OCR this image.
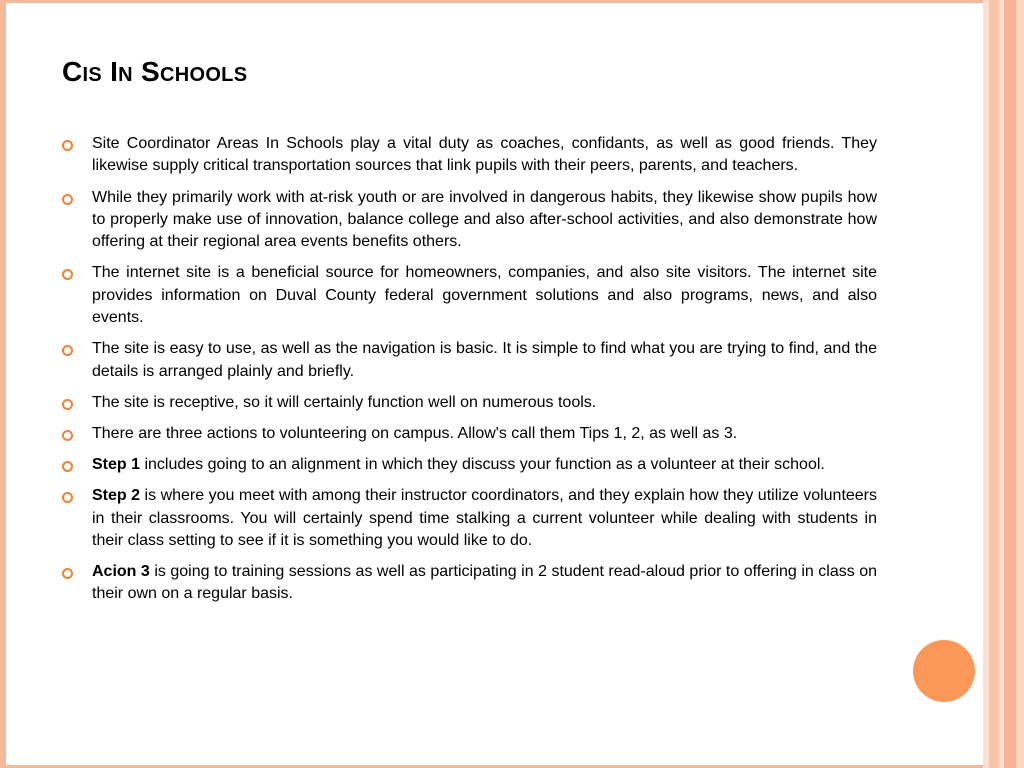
Cis In Schools
Site Coordinator Areas In Schools play a vital duty as coaches, confidants, as well as good friends. They likewise supply critical transportation sources that link pupils with their peers, parents, and teachers.
While they primarily work with at-risk youth or are involved in dangerous habits, they likewise show pupils how to properly make use of innovation, balance college and also after-school activities, and also demonstrate how offering at their regional area events benefits others.
The internet site is a beneficial source for homeowners, companies, and also site visitors. The internet site provides information on Duval County federal government solutions and also programs, news, and also events.
The site is easy to use, as well as the navigation is basic. It is simple to find what you are trying to find, and the details is arranged plainly and briefly.
The site is receptive, so it will certainly function well on numerous tools.
There are three actions to volunteering on campus. Allow's call them Tips 1, 2, as well as 3.
Step 1 includes going to an alignment in which they discuss your function as a volunteer at their school.
Step 2 is where you meet with among their instructor coordinators, and they explain how they utilize volunteers in their classrooms. You will certainly spend time stalking a current volunteer while dealing with students in their class setting to see if it is something you would like to do.
Acion 3 is going to training sessions as well as participating in 2 student read-aloud prior to offering in class on their own on a regular basis.
